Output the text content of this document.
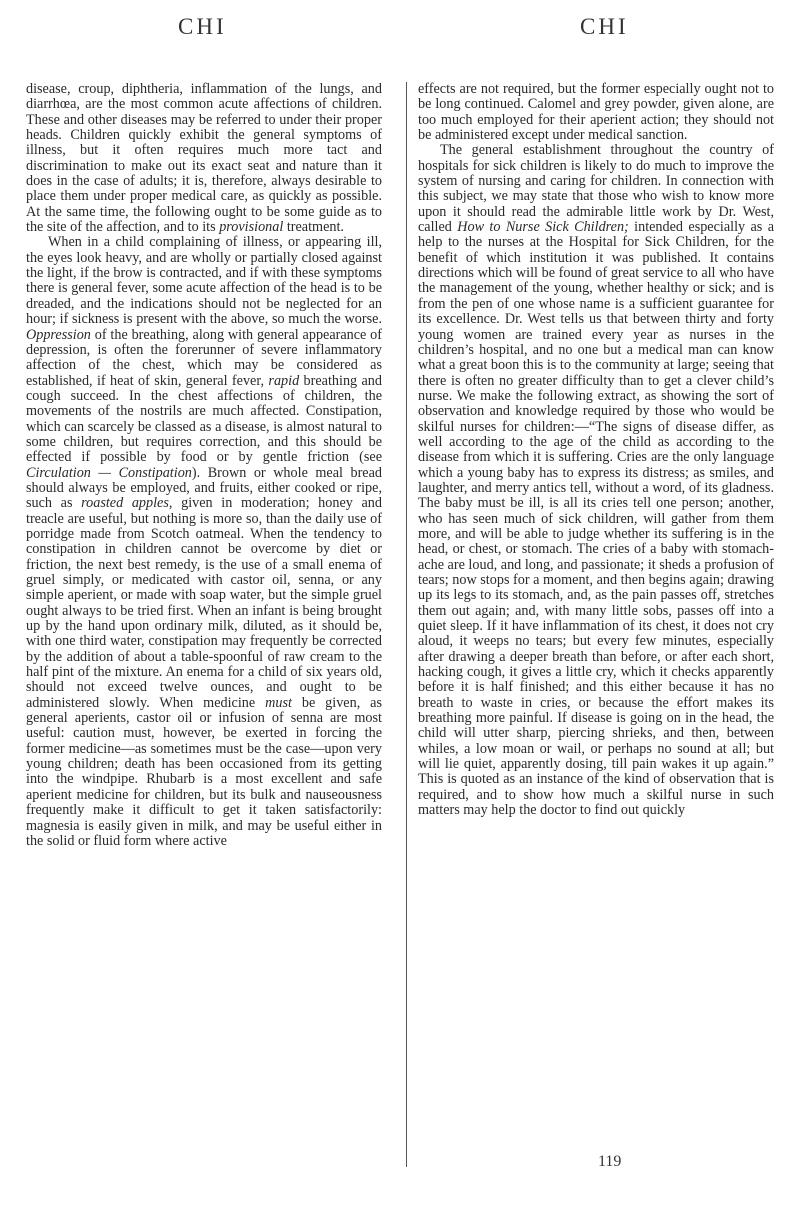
CHI	CHI

disease, croup, diphtheria, inflammation of the lungs, and diarrhœa, are the most common acute affections of children. These and other diseases may be referred to under their proper heads. Children quickly exhibit the general symptoms of illness, but it often requires much more tact and discrimination to make out its exact seat and nature than it does in the case of adults; it is, therefore, always desirable to place them under proper medical care, as quickly as possible. At the same time, the following ought to be some guide as to the site of the affection, and to its provisional treatment.

When in a child complaining of illness, or appearing ill, the eyes look heavy, and are wholly or partially closed against the light, if the brow is contracted, and if with these symptoms there is general fever, some acute affection of the head is to be dreaded, and the indications should not be neglected for an hour; if sickness is present with the above, so much the worse. Oppression of the breathing, along with general appearance of depression, is often the forerunner of severe inflammatory affection of the chest, which may be considered as established, if heat of skin, general fever, rapid breathing and cough succeed. In the chest affections of children, the movements of the nostrils are much affected. Constipation, which can scarcely be classed as a disease, is almost natural to some children, but requires correction, and this should be effected if possible by food or by gentle friction (see Circulation — Constipation). Brown or whole meal bread should always be employed, and fruits, either cooked or ripe, such as roasted apples, given in moderation; honey and treacle are useful, but nothing is more so, than the daily use of porridge made from Scotch oatmeal. When the tendency to constipation in children cannot be overcome by diet or friction, the next best remedy, is the use of a small enema of gruel simply, or medicated with castor oil, senna, or any simple aperient, or made with soap water, but the simple gruel ought always to be tried first. When an infant is being brought up by the hand upon ordinary milk, diluted, as it should be, with one third water, constipation may frequently be corrected by the addition of about a table-spoonful of raw cream to the half pint of the mixture. An enema for a child of six years old, should not exceed twelve ounces, and ought to be administered slowly. When medicine must be given, as general aperients, castor oil or infusion of senna are most useful: caution must, however, be exerted in forcing the former medicine—as sometimes must be the case—upon very young children; death has been occasioned from its getting into the windpipe. Rhubarb is a most excellent and safe aperient medicine for children, but its bulk and nauseousness frequently make it difficult to get it taken satisfactorily: magnesia is easily given in milk, and may be useful either in the solid or fluid form where active

effects are not required, but the former especially ought not to be long continued. Calomel and grey powder, given alone, are too much employed for their aperient action; they should not be administered except under medical sanction.

The general establishment throughout the country of hospitals for sick children is likely to do much to improve the system of nursing and caring for children. In connection with this subject, we may state that those who wish to know more upon it should read the admirable little work by Dr. West, called How to Nurse Sick Children; intended especially as a help to the nurses at the Hospital for Sick Children, for the benefit of which institution it was published. It contains directions which will be found of great service to all who have the management of the young, whether healthy or sick; and is from the pen of one whose name is a sufficient guarantee for its excellence. Dr. West tells us that between thirty and forty young women are trained every year as nurses in the children’s hospital, and no one but a medical man can know what a great boon this is to the community at large; seeing that there is often no greater difficulty than to get a clever child’s nurse. We make the following extract, as showing the sort of observation and knowledge required by those who would be skilful nurses for children:—“The signs of disease differ, as well according to the age of the child as according to the disease from which it is suffering. Cries are the only language which a young baby has to express its distress; as smiles, and laughter, and merry antics tell, without a word, of its gladness. The baby must be ill, is all its cries tell one person; another, who has seen much of sick children, will gather from them more, and will be able to judge whether its suffering is in the head, or chest, or stomach. The cries of a baby with stomach-ache are loud, and long, and passionate; it sheds a profusion of tears; now stops for a moment, and then begins again; drawing up its legs to its stomach, and, as the pain passes off, stretches them out again; and, with many little sobs, passes off into a quiet sleep. If it have inflammation of its chest, it does not cry aloud, it weeps no tears; but every few minutes, especially after drawing a deeper breath than before, or after each short, hacking cough, it gives a little cry, which it checks apparently before it is half finished; and this either because it has no breath to waste in cries, or because the effort makes its breathing more painful. If disease is going on in the head, the child will utter sharp, piercing shrieks, and then, between whiles, a low moan or wail, or perhaps no sound at all; but will lie quiet, apparently dosing, till pain wakes it up again.” This is quoted as an instance of the kind of observation that is required, and to show how much a skilful nurse in such matters may help the doctor to find out quickly

119
